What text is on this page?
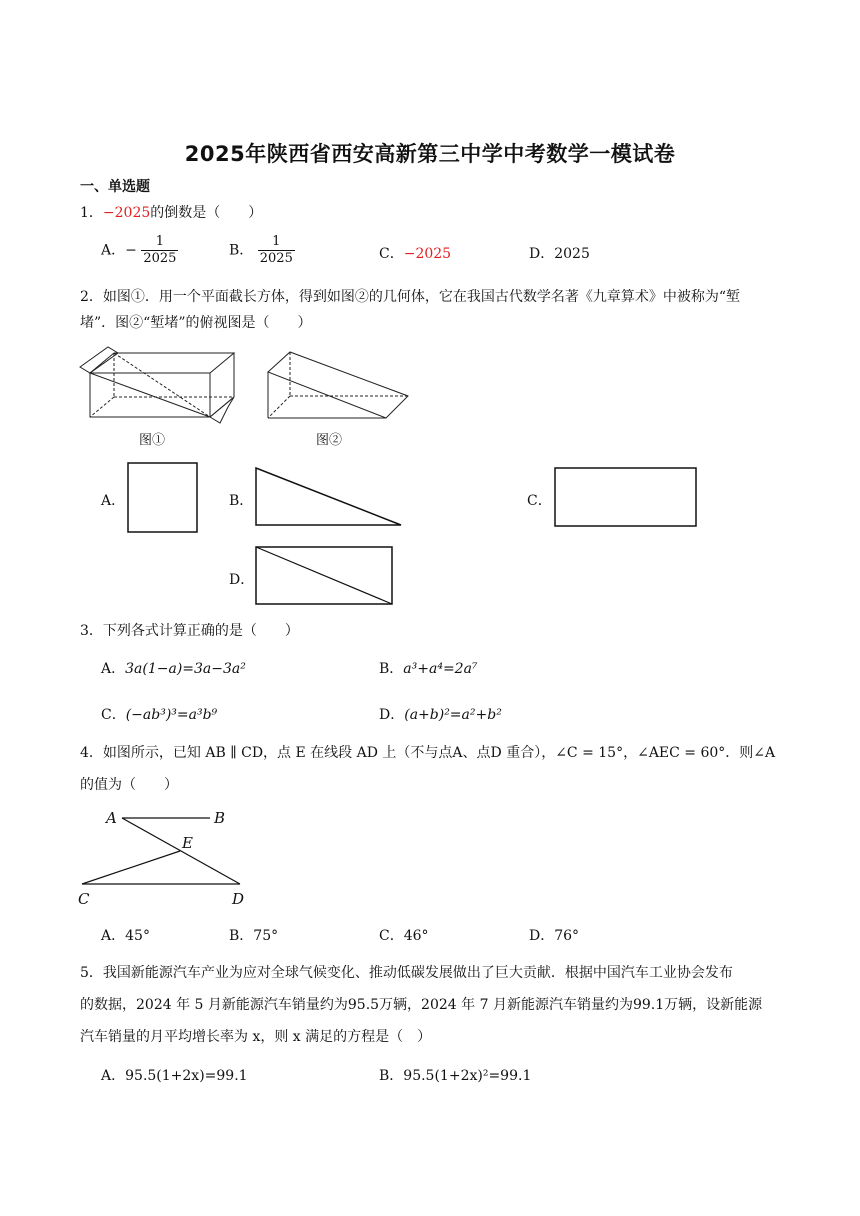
2025年陕西省西安高新第三中学中考数学一模试卷
一、单选题
1．−2025的倒数是（　　）
A．− $\frac{1}{2025}$	B． $\frac{1}{2025}$	C．−2025	D．2025
2．如图①．用一个平面截长方体，得到如图②的几何体，它在我国古代数学名著《九章算术》中被称为“堑
堵”．图②“堑堵”的俯视图是（　　）
图①	图②
A．	B．	C．
D．
3．下列各式计算正确的是（　　）
A．3a(1−a)=3a−3a²	B．a³+a⁴=2a⁷
C．(−ab³)³=a³b⁹	D．(a+b)²=a²+b²
4．如图所示，已知 AB ∥ CD，点 E 在线段 AD 上（不与点A、点D 重合），∠C = 15°，∠AEC = 60°．则∠A
的值为（　　）
A	B
E
C	D
A．45°	B．75°	C．46°	D．76°
5．我国新能源汽车产业为应对全球气候变化、推动低碳发展做出了巨大贡献．根据中国汽车工业协会发布
的数据，2024 年 5 月新能源汽车销量约为95.5万辆，2024 年 7 月新能源汽车销量约为99.1万辆，设新能源
汽车销量的月平均增长率为 x，则 x 满足的方程是（　）
A．95.5(1+2x)=99.1	B．95.5(1+2x)²=99.1
